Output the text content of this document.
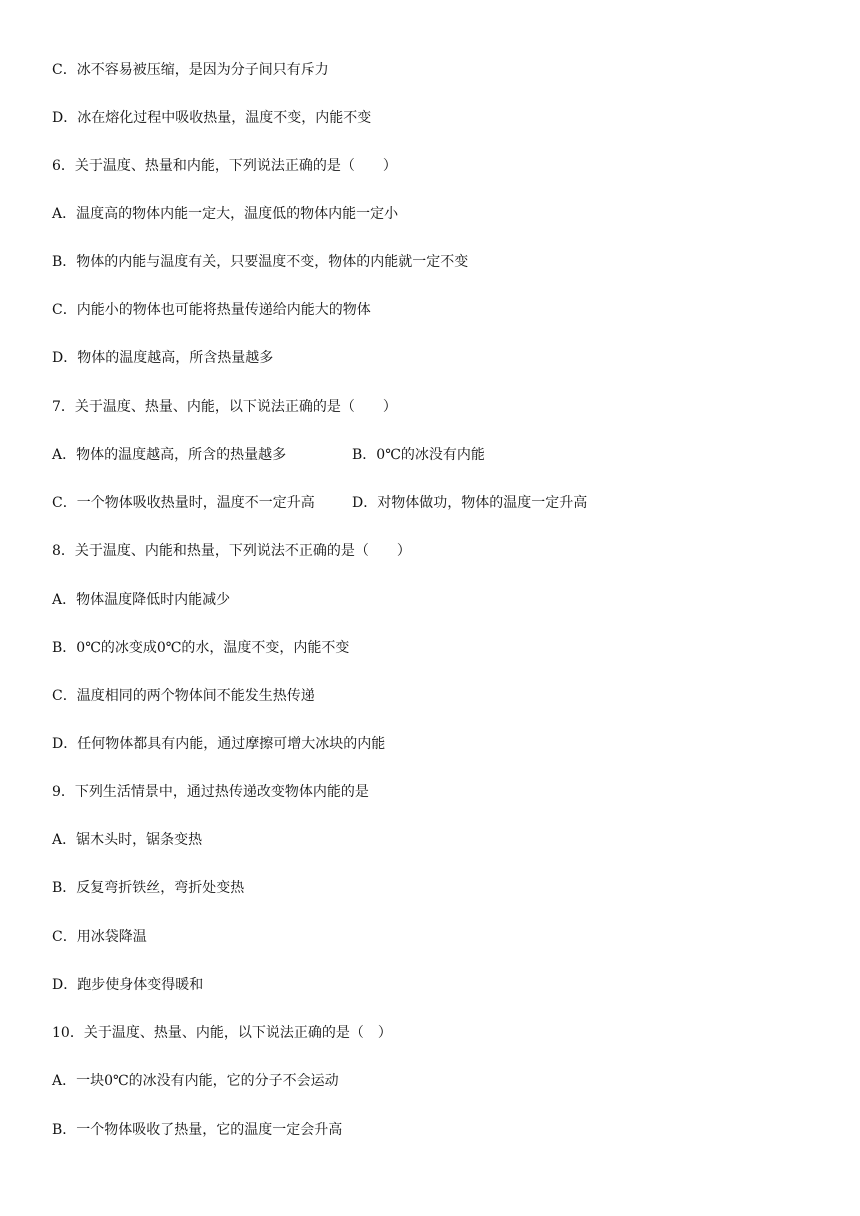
C．冰不容易被压缩，是因为分子间只有斥力
D．冰在熔化过程中吸收热量，温度不变，内能不变
6．关于温度、热量和内能，下列说法正确的是（　　）
A．温度高的物体内能一定大，温度低的物体内能一定小
B．物体的内能与温度有关，只要温度不变，物体的内能就一定不变
C．内能小的物体也可能将热量传递给内能大的物体
D．物体的温度越高，所含热量越多
7．关于温度、热量、内能，以下说法正确的是（　　）
A．物体的温度越高，所含的热量越多	B．0℃的冰没有内能
C．一个物体吸收热量时，温度不一定升高	D．对物体做功，物体的温度一定升高
8．关于温度、内能和热量，下列说法不正确的是（　　）
A．物体温度降低时内能减少
B．0℃的冰变成0℃的水，温度不变，内能不变
C．温度相同的两个物体间不能发生热传递
D．任何物体都具有内能，通过摩擦可增大冰块的内能
9．下列生活情景中，通过热传递改变物体内能的是
A．锯木头时，锯条变热
B．反复弯折铁丝，弯折处变热
C．用冰袋降温
D．跑步使身体变得暖和
10．关于温度、热量、内能，以下说法正确的是（　）
A．一块0℃的冰没有内能，它的分子不会运动
B．一个物体吸收了热量，它的温度一定会升高
